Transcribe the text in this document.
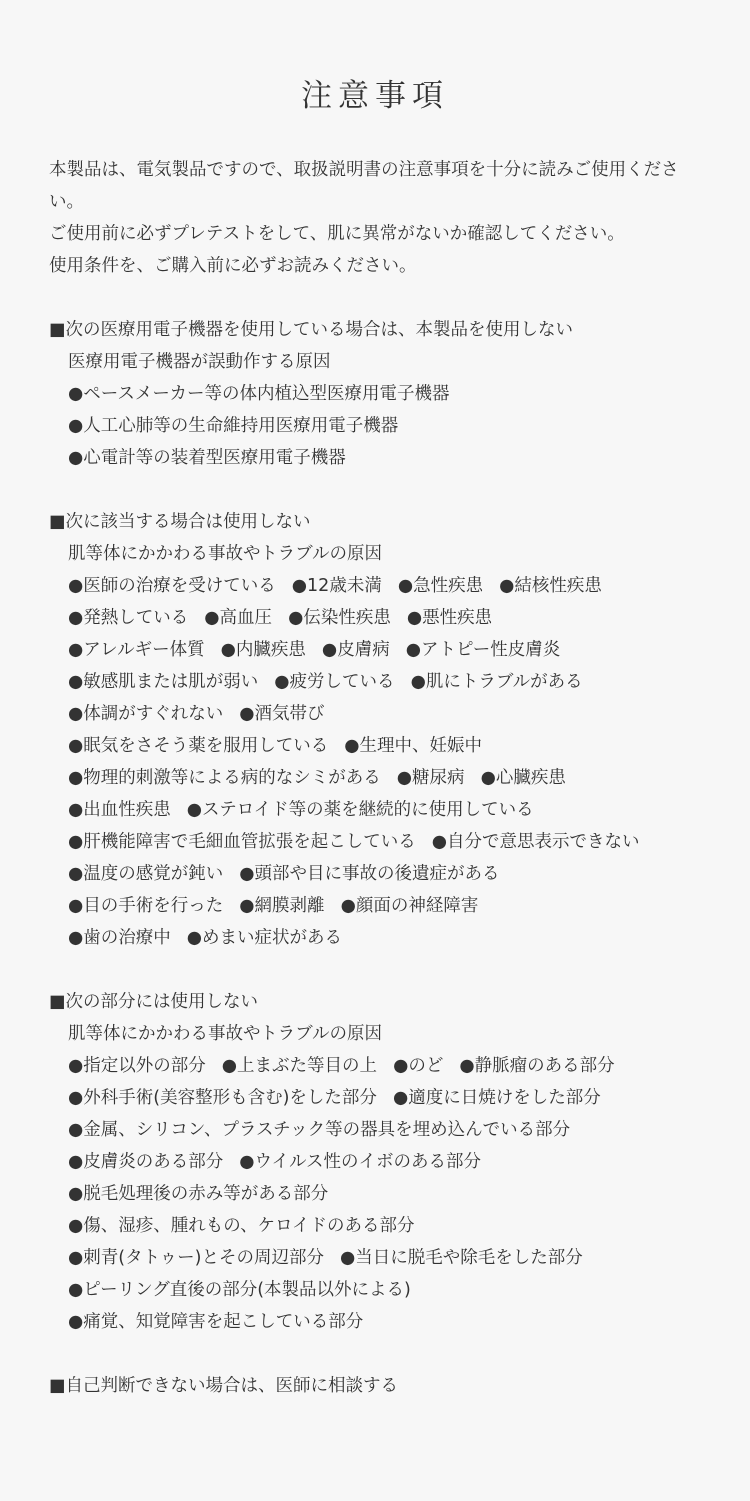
注意事項
本製品は、電気製品ですので、取扱説明書の注意事項を十分に読みご使用ください。
ご使用前に必ずプレテストをして、肌に異常がないか確認してください。
使用条件を、ご購入前に必ずお読みください。
■次の医療用電子機器を使用している場合は、本製品を使用しない
医療用電子機器が誤動作する原因
●ペースメーカー等の体内植込型医療用電子機器
●人工心肺等の生命維持用医療用電子機器
●心電計等の装着型医療用電子機器
■次に該当する場合は使用しない
肌等体にかかわる事故やトラブルの原因
●医師の治療を受けている ●12歳未満 ●急性疾患 ●結核性疾患
●発熱している ●高血圧 ●伝染性疾患 ●悪性疾患
●アレルギー体質 ●内臓疾患 ●皮膚病 ●アトピー性皮膚炎
●敏感肌または肌が弱い ●疲労している ●肌にトラブルがある
●体調がすぐれない ●酒気帯び
●眠気をさそう薬を服用している ●生理中、妊娠中
●物理的刺激等による病的なシミがある ●糖尿病 ●心臓疾患
●出血性疾患 ●ステロイド等の薬を継続的に使用している
●肝機能障害で毛細血管拡張を起こしている ●自分で意思表示できない
●温度の感覚が鈍い ●頭部や目に事故の後遺症がある
●目の手術を行った ●網膜剥離 ●顔面の神経障害
●歯の治療中 ●めまい症状がある
■次の部分には使用しない
肌等体にかかわる事故やトラブルの原因
●指定以外の部分 ●上まぶた等目の上 ●のど ●静脈瘤のある部分
●外科手術(美容整形も含む)をした部分 ●適度に日焼けをした部分
●金属、シリコン、プラスチック等の器具を埋め込んでいる部分
●皮膚炎のある部分 ●ウイルス性のイボのある部分
●脱毛処理後の赤み等がある部分
●傷、湿疹、腫れもの、ケロイドのある部分
●刺青(タトゥー)とその周辺部分 ●当日に脱毛や除毛をした部分
●ピーリング直後の部分(本製品以外による)
●痛覚、知覚障害を起こしている部分
■自己判断できない場合は、医師に相談する
